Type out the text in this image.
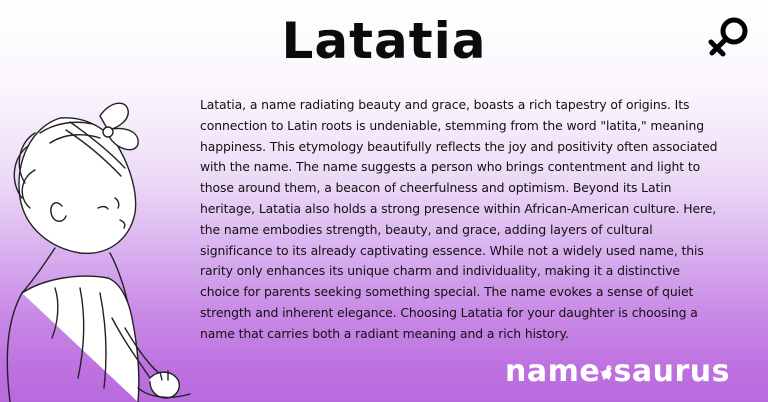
Latatia

Latatia, a name radiating beauty and grace, boasts a rich tapestry of origins. Its connection to Latin roots is undeniable, stemming from the word "latita," meaning happiness. This etymology beautifully reflects the joy and positivity often associated with the name. The name suggests a person who brings contentment and light to those around them, a beacon of cheerfulness and optimism. Beyond its Latin heritage, Latatia also holds a strong presence within African-American culture. Here, the name embodies strength, beauty, and grace, adding layers of cultural significance to its already captivating essence. While not a widely used name, this rarity only enhances its unique charm and individuality, making it a distinctive choice for parents seeking something special. The name evokes a sense of quiet strength and inherent elegance. Choosing Latatia for your daughter is choosing a name that carries both a radiant meaning and a rich history.

name saurus
